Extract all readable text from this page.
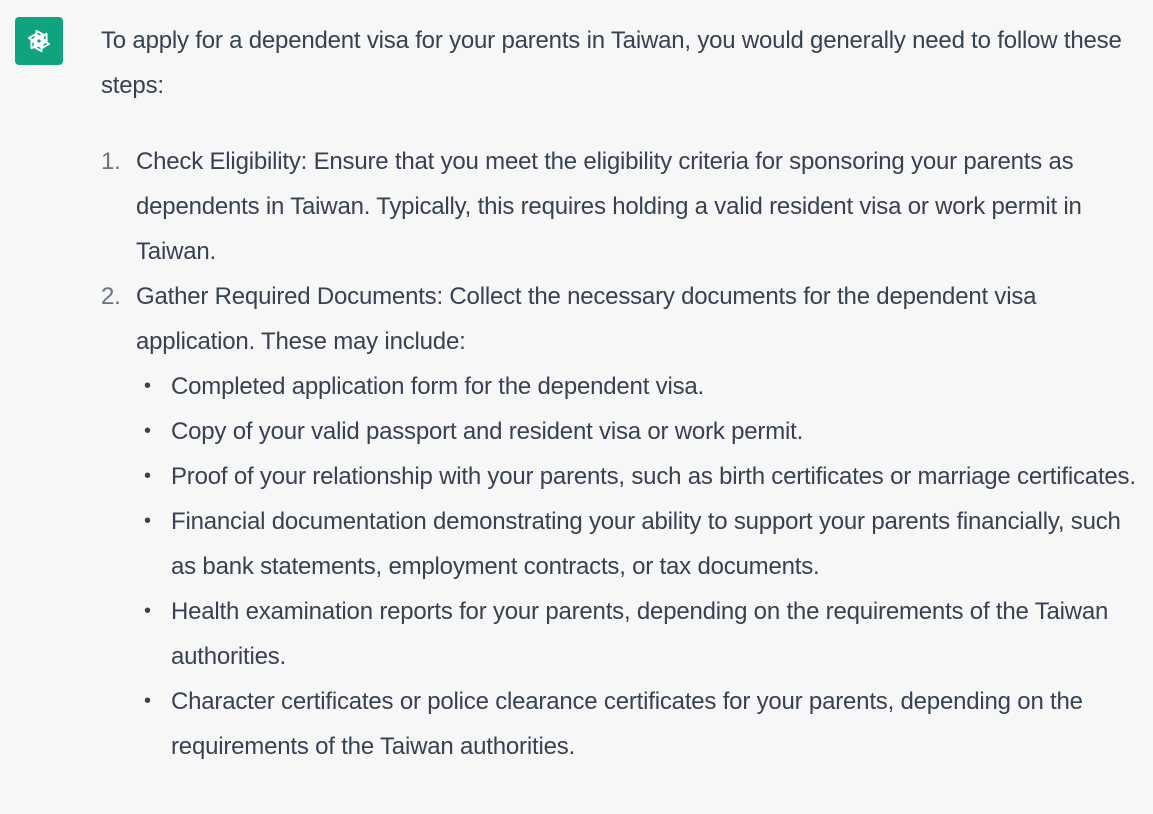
To apply for a dependent visa for your parents in Taiwan, you would generally need to follow these steps:

1. Check Eligibility: Ensure that you meet the eligibility criteria for sponsoring your parents as dependents in Taiwan. Typically, this requires holding a valid resident visa or work permit in Taiwan.
2. Gather Required Documents: Collect the necessary documents for the dependent visa application. These may include:
• Completed application form for the dependent visa.
• Copy of your valid passport and resident visa or work permit.
• Proof of your relationship with your parents, such as birth certificates or marriage certificates.
• Financial documentation demonstrating your ability to support your parents financially, such as bank statements, employment contracts, or tax documents.
• Health examination reports for your parents, depending on the requirements of the Taiwan authorities.
• Character certificates or police clearance certificates for your parents, depending on the requirements of the Taiwan authorities.
